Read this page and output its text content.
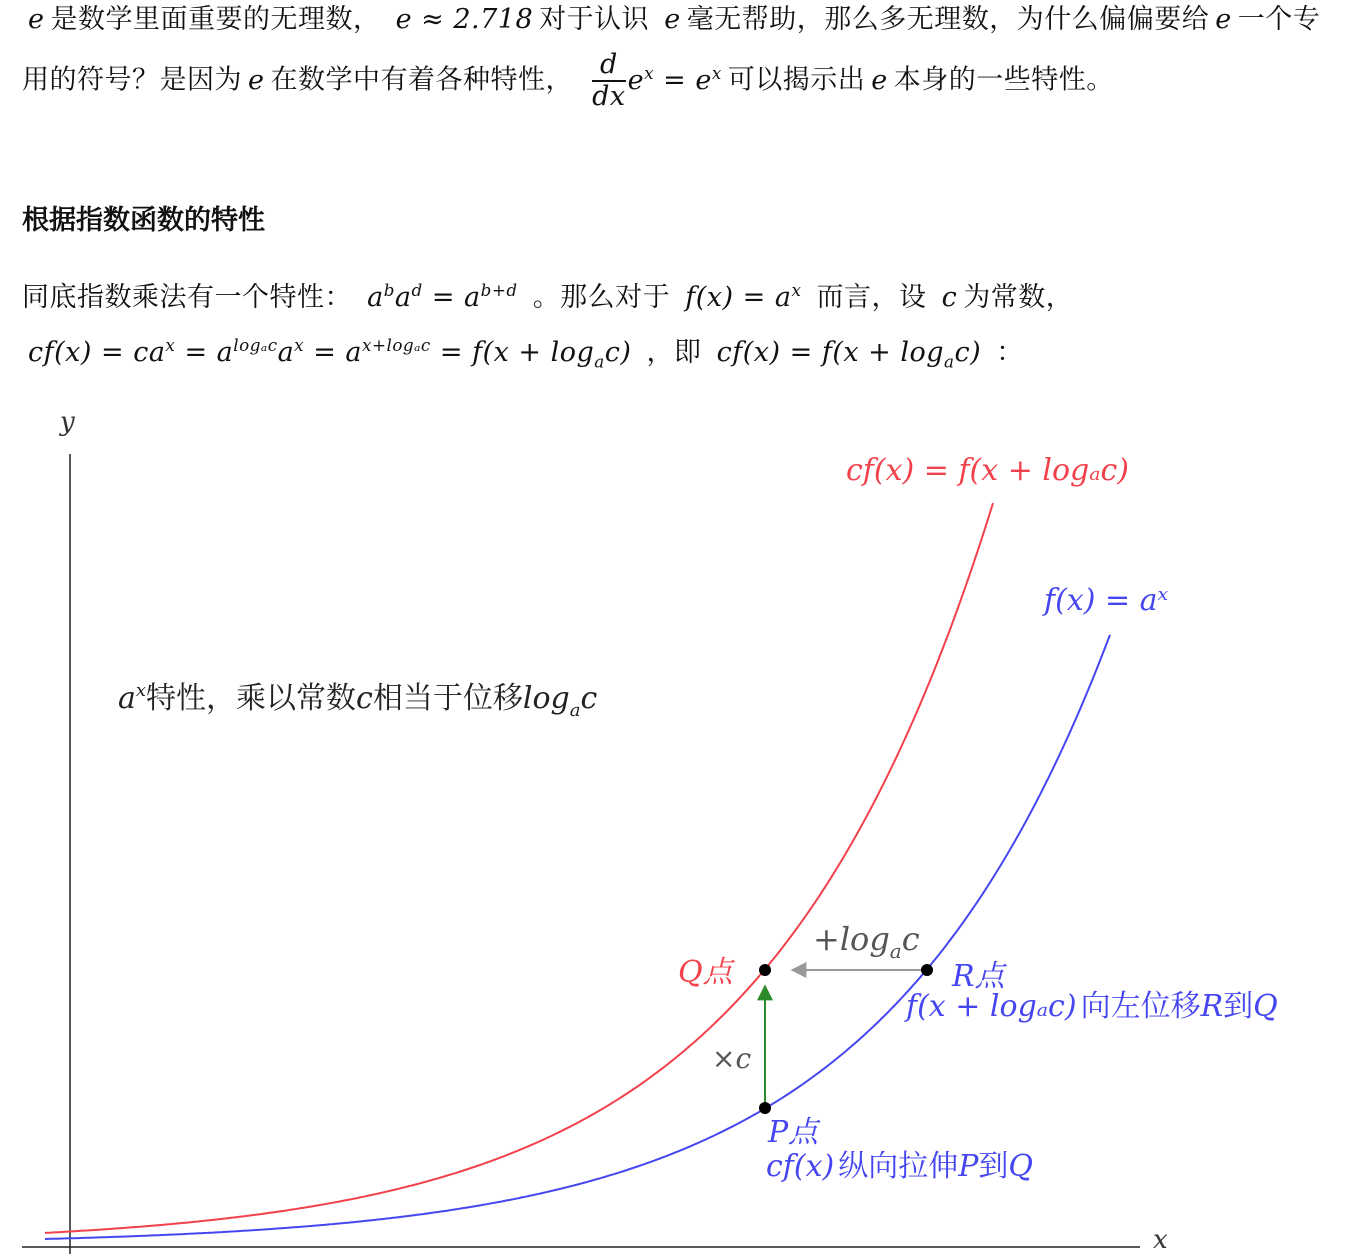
e 是数学里面重要的无理数， e ≈ 2.718 对于认识 e 毫无帮助，那么多无理数，为什么偏偏要给 e 一个专用的符号？是因为 e 在数学中有着各种特性， $\frac{d}{dx} e^x = e^x$ 可以揭示出 e 本身的一些特性。
根据指数函数的特性
同底指数乘法有一个特性： $a^ba^d = a^{b+d}$ 。那么对于 $f(x) = a^x$ 而言，设 c 为常数，
$cf(x) = ca^x = a^{log_ac}a^x = a^{x+log_ac} = f(x + \log_ac)$ ，即 $cf(x) = f(x + \log_ac)$ ：
y
x
cf(x) = f(x + logₐc)
f(x) = aˣ
$a^x$特性，乘以常数c相当于位移$\log_ac$
$+\log_ac$
×c
Q点	R点
P点
f(x + logₐc) 向左位移R到Q
cf(x) 纵向拉伸P到Q
